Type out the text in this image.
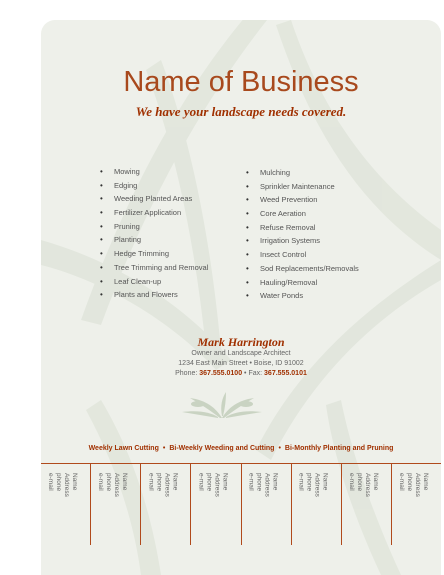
Name of Business
We have your landscape needs covered.
• Mowing
• Edging
• Weeding Planted Areas
• Fertilizer Application
• Pruning
• Planting
• Hedge Trimming
• Tree Trimming and Removal
• Leaf Clean-up
• Plants and Flowers
• Mulching
• Sprinkler Maintenance
• Weed Prevention
• Core Aeration
• Refuse Removal
• Irrigation Systems
• Insect Control
• Sod Replacements/Removals
• Hauling/Removal
• Water Ponds
Mark Harrington
Owner and Landscape Architect
1234 East Main Street • Boise, ID 91002
Phone: 367.555.0100 • Fax: 367.555.0101
Weekly Lawn Cutting • Bi-Weekly Weeding and Cutting • Bi-Monthly Planting and Pruning
Name
Address
phone
e-mail	Name
Address
phone
e-mail	Name
Address
phone
e-mail	Name
Address
phone
e-mail	Name
Address
phone
e-mail	Name
Address
phone
e-mail	Name
Address
phone
e-mail	Name
Address
phone
e-mail
